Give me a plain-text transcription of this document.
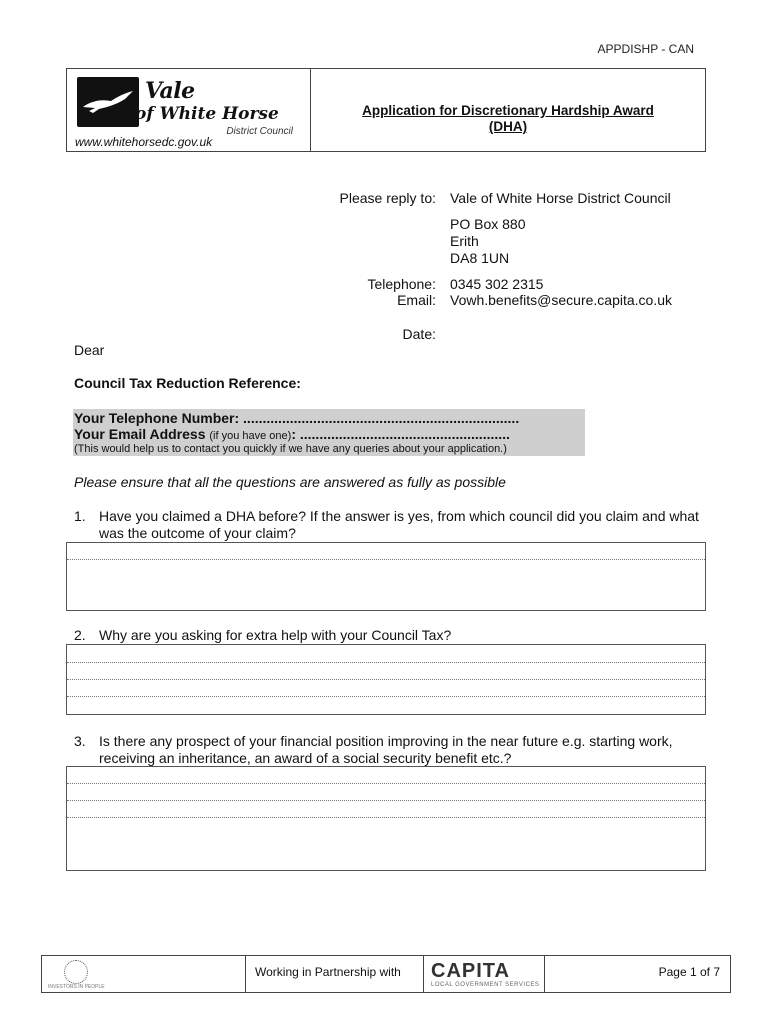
APPDISHP - CAN
Vale
of White Horse
District Council
www.whitehorsedc.gov.uk
Application for Discretionary Hardship Award
(DHA)
Please reply to: Vale of White Horse District Council
PO Box 880
Erith
DA8 1UN
Telephone: 0345 302 2315
Email: Vowh.benefits@secure.capita.co.uk
Date:
Dear
Council Tax Reduction Reference:
Your Telephone Number: .......................................................................
Your Email Address (if you have one): ......................................................
(This would help us to contact you quickly if we have any queries about your application.)
Please ensure that all the questions are answered as fully as possible
1. Have you claimed a DHA before? If the answer is yes, from which council did you claim and what was the outcome of your claim?
2. Why are you asking for extra help with your Council Tax?
3. Is there any prospect of your financial position improving in the near future e.g. starting work, receiving an inheritance, an award of a social security benefit etc.?
INVESTORS IN PEOPLE
Working in Partnership with CAPITA
LOCAL GOVERNMENT SERVICES
Page 1 of 7
